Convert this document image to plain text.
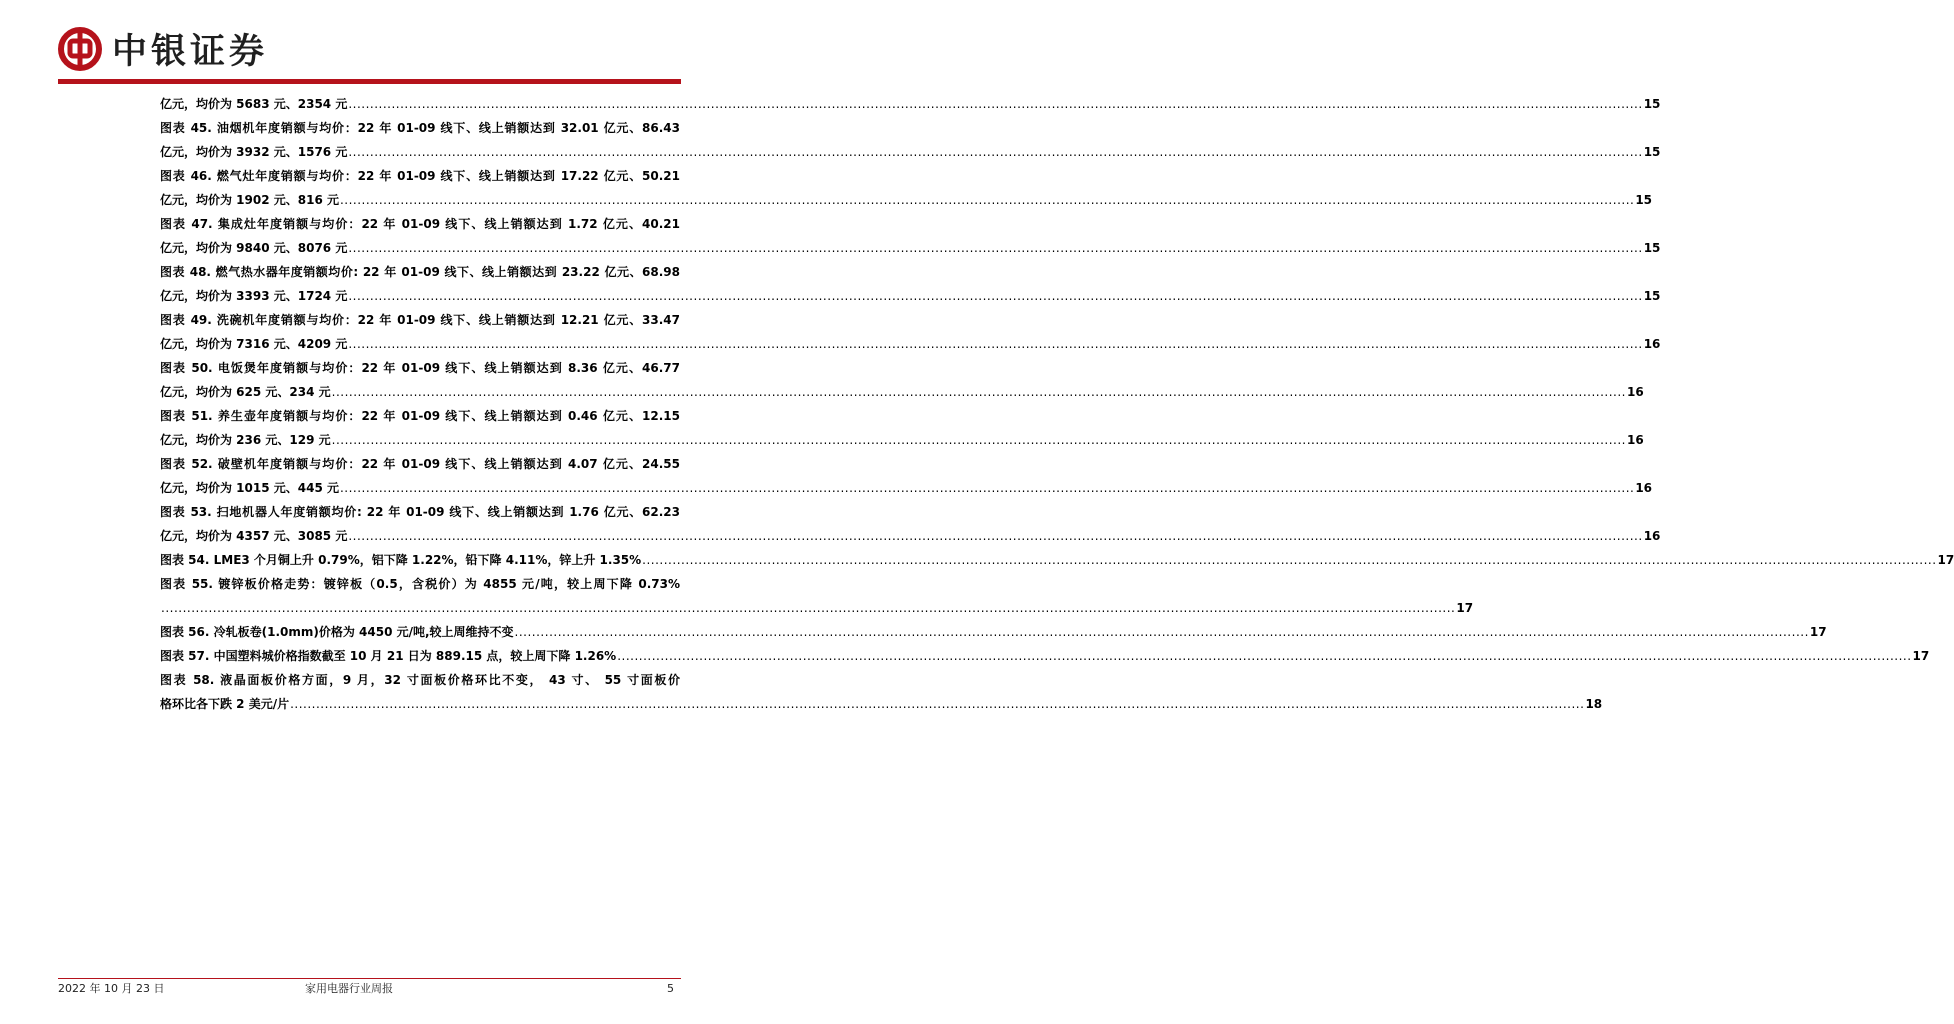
中银证券
亿元，均价为 5683 元、2354 元 ............................................................................................................................................................................................................................................................................................................ 15
图表 45. 油烟机年度销额与均价：22 年 01-09 线下、线上销额达到 32.01 亿元、86.43
亿元，均价为 3932 元、1576 元 ............................................................................................................................................................................................................................................................................................................ 15
图表 46. 燃气灶年度销额与均价：22 年 01-09 线下、线上销额达到 17.22 亿元、50.21
亿元，均价为 1902 元、816 元 ............................................................................................................................................................................................................................................................................................................ 15
图表 47. 集成灶年度销额与均价：22 年 01-09 线下、线上销额达到 1.72 亿元、40.21
亿元，均价为 9840 元、8076 元 ............................................................................................................................................................................................................................................................................................................ 15
图表 48. 燃气热水器年度销额均价: 22 年 01-09 线下、线上销额达到 23.22 亿元、68.98
亿元，均价为 3393 元、1724 元 ............................................................................................................................................................................................................................................................................................................ 15
图表 49. 洗碗机年度销额与均价：22 年 01-09 线下、线上销额达到 12.21 亿元、33.47
亿元，均价为 7316 元、4209 元 ............................................................................................................................................................................................................................................................................................................ 16
图表 50. 电饭煲年度销额与均价：22 年 01-09 线下、线上销额达到 8.36 亿元、46.77
亿元，均价为 625 元、234 元 ............................................................................................................................................................................................................................................................................................................ 16
图表 51. 养生壶年度销额与均价：22 年 01-09 线下、线上销额达到 0.46 亿元、12.15
亿元，均价为 236 元、129 元 ............................................................................................................................................................................................................................................................................................................ 16
图表 52. 破壁机年度销额与均价：22 年 01-09 线下、线上销额达到 4.07 亿元、24.55
亿元，均价为 1015 元、445 元 ............................................................................................................................................................................................................................................................................................................ 16
图表 53. 扫地机器人年度销额均价: 22 年 01-09 线下、线上销额达到 1.76 亿元、62.23
亿元，均价为 4357 元、3085 元 ............................................................................................................................................................................................................................................................................................................ 16
图表 54. LME3 个月铜上升 0.79%，铝下降 1.22%，铅下降 4.11%，锌上升 1.35% ............................................................................................................................................................................................................................................................................................................ 17
图表 55. 镀锌板价格走势：镀锌板（0.5，含税价）为 4855 元/吨，较上周下降 0.73%
............................................................................................................................................................................................................................................................................................................ 17
图表 56. 冷轧板卷(1.0mm)价格为 4450 元/吨,较上周维持不变 ............................................................................................................................................................................................................................................................................................................ 17
图表 57. 中国塑料城价格指数截至 10 月 21 日为 889.15 点，较上周下降 1.26% ............................................................................................................................................................................................................................................................................................................ 17
图表 58. 液晶面板价格方面，9 月，32 寸面板价格环比不变， 43 寸、 55 寸面板价
格环比各下跌 2 美元/片 ............................................................................................................................................................................................................................................................................................................ 18
2022 年 10 月 23 日	家用电器行业周报	5
